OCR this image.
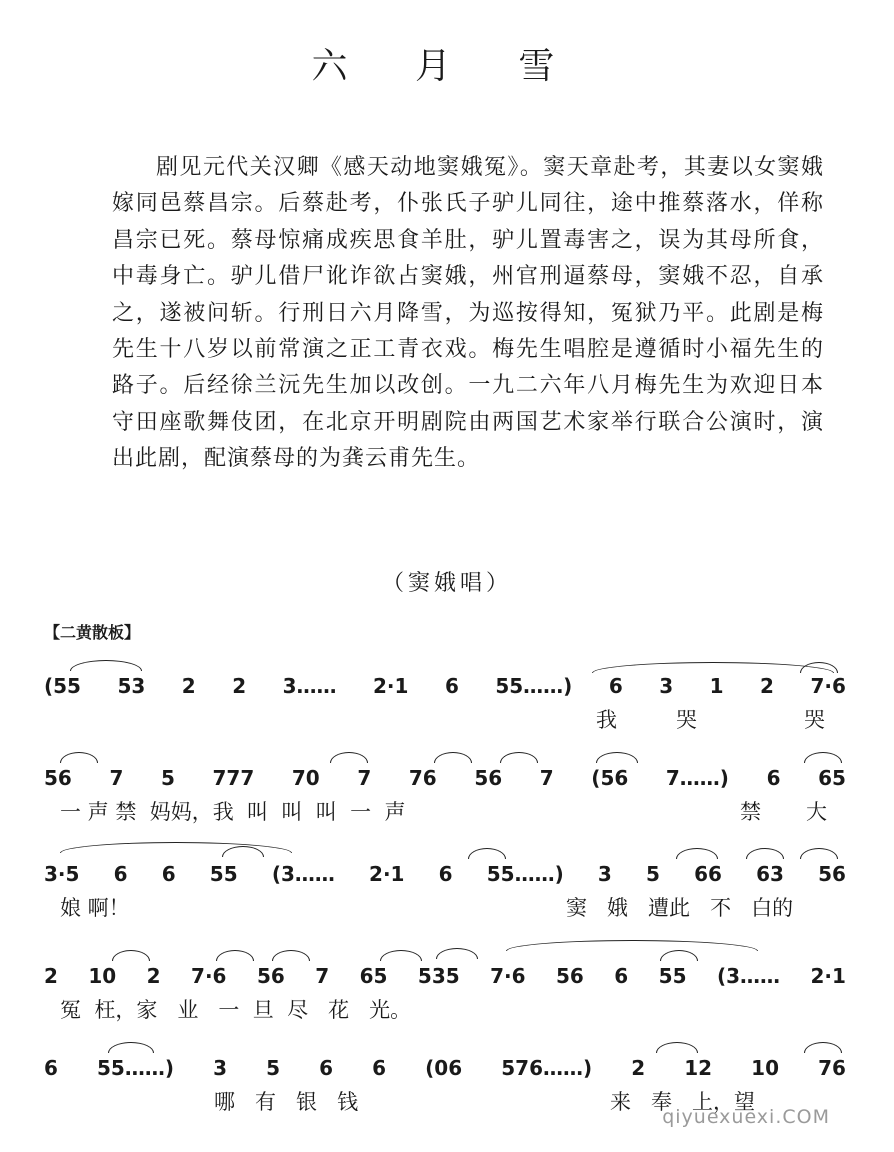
六 月 雪

剧见元代关汉卿《感天动地窦娥冤》。窦天章赴考，其妻以女窦娥嫁同邑蔡昌宗。后蔡赴考，仆张氏子驴儿同往，途中推蔡落水，佯称昌宗已死。蔡母惊痛成疾思食羊肚，驴儿置毒害之，误为其母所食，中毒身亡。驴儿借尸讹诈欲占窦娥，州官刑逼蔡母，窦娥不忍，自承之，遂被问斩。行刑日六月降雪，为巡按得知，冤狱乃平。此剧是梅先生十八岁以前常演之正工青衣戏。梅先生唱腔是遵循时小福先生的路子。后经徐兰沅先生加以改创。一九二六年八月梅先生为欢迎日本守田座歌舞伎团，在北京开明剧院由两国艺术家举行联合公演时，演出此剧，配演蔡母的为龚云甫先生。

（窦娥唱）
【二黄散板】
(55 53 2 2 3…… 2·1 6 55……) 6 3 1 2 7·6
我	哭	哭
56 7 5 777 70 7 76 56 7 (56 7……) 6 65
一 声 禁  妈妈，我  叫  叫  叫  一  声	禁 大
3·5 6 6 55 (3…… 2·1 6 55……) 3 5 66 63 56
娘 啊！	窦   娥   遭此   不   白的
2 10 2 7·6 56 7 65 535 7·6 56 6 55 (3…… 2·1
冤  枉，家   业   一  旦  尽   花   光。
6 55……) 3 5 6 6 (06 576……) 2 12 10 76
哪   有   银   钱	来   奉   上，望
qiyuexuexi.COM
